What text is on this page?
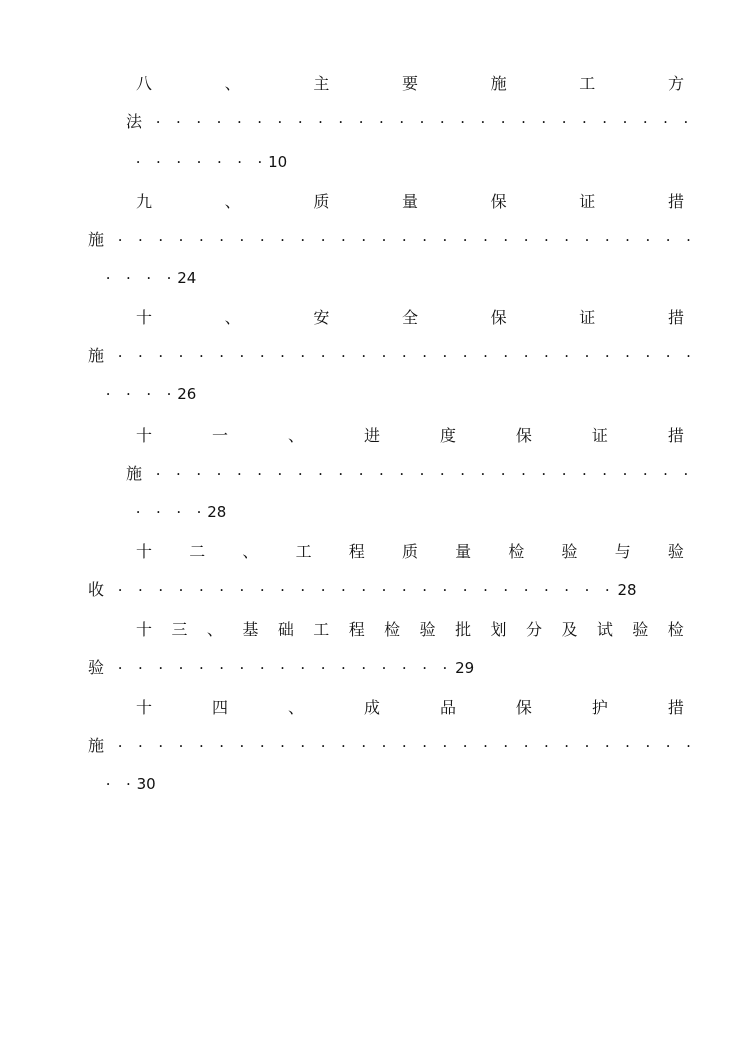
八	、	主	要	施	工	方
法 · · · · · · · · · · · · · · · · · · · · · · · · · · ·
· · · · · · · 10
九	、	质	量	保	证	措
施 · · · · · · · · · · · · · · · · · · · · · · · · · · · · ·
· · · · 24
十	、	安	全	保	证	措
施 · · · · · · · · · · · · · · · · · · · · · · · · · · · · ·
· · · · 26
十	一	、	进	度	保	证	措
施 · · · · · · · · · · · · · · · · · · · · · · · · · · ·
· · · · 28
十 二 、 工 程 质 量 检 验 与 验
收 · · · · · · · · · · · · · · · · · · · · · · · · · 28
十 三 、 基 础 工 程 检 验 批 划 分 及 试 验 检
验 · · · · · · · · · · · · · · · · · 29
十	四	、	成	品	保	护	措
施 · · · · · · · · · · · · · · · · · · · · · · · · · · · · ·
· · 30
